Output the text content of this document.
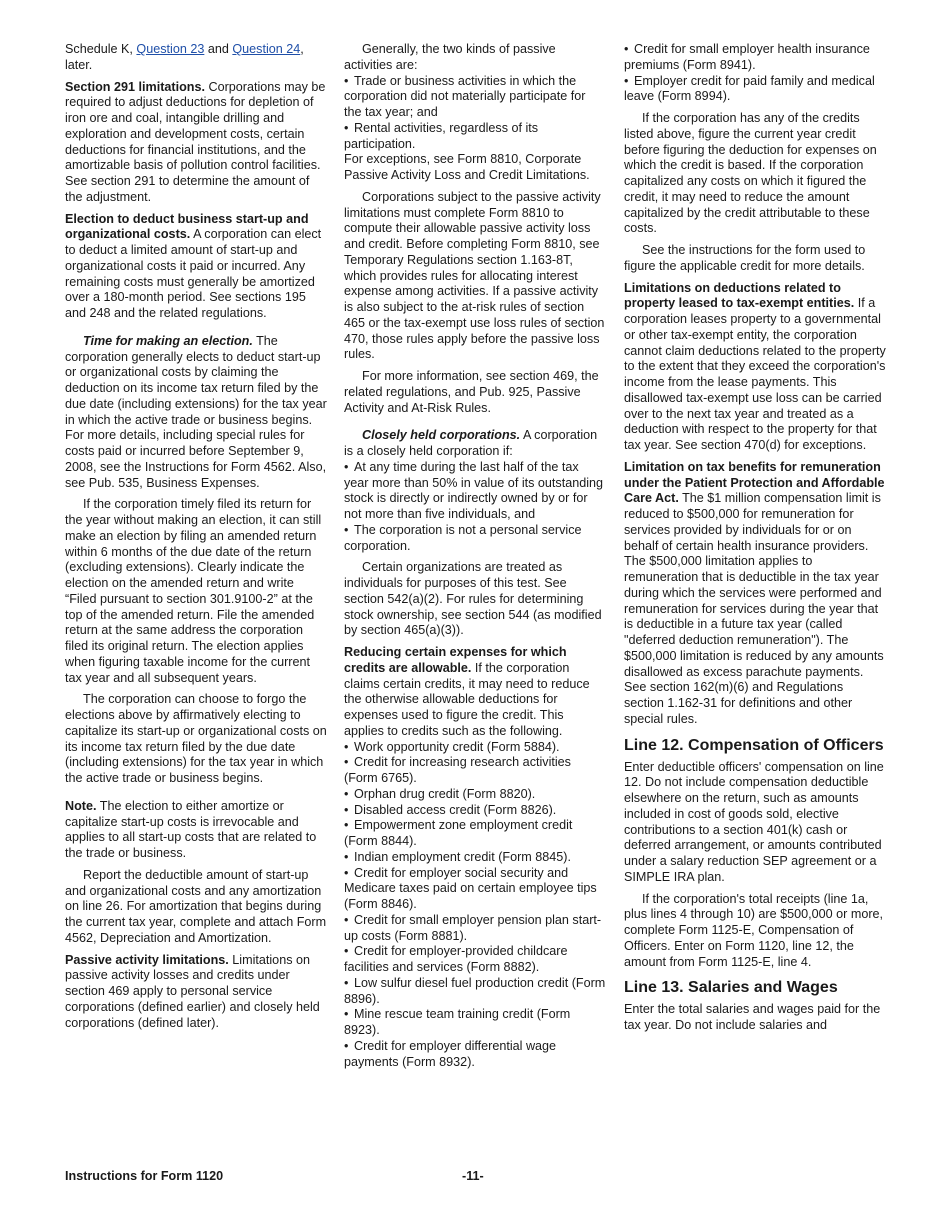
Schedule K, Question 23 and Question 24, later.

Section 291 limitations. Corporations may be required to adjust deductions for depletion of iron ore and coal, intangible drilling and exploration and development costs, certain deductions for financial institutions, and the amortizable basis of pollution control facilities. See section 291 to determine the amount of the adjustment.

Election to deduct business start-up and organizational costs. A corporation can elect to deduct a limited amount of start-up and organizational costs it paid or incurred. Any remaining costs must generally be amortized over a 180-month period. See sections 195 and 248 and the related regulations.

Time for making an election. The corporation generally elects to deduct start-up or organizational costs by claiming the deduction on its income tax return filed by the due date (including extensions) for the tax year in which the active trade or business begins. For more details, including special rules for costs paid or incurred before September 9, 2008, see the Instructions for Form 4562. Also, see Pub. 535, Business Expenses.

If the corporation timely filed its return for the year without making an election, it can still make an election by filing an amended return within 6 months of the due date of the return (excluding extensions). Clearly indicate the election on the amended return and write “Filed pursuant to section 301.9100-2” at the top of the amended return. File the amended return at the same address the corporation filed its original return. The election applies when figuring taxable income for the current tax year and all subsequent years.

The corporation can choose to forgo the elections above by affirmatively electing to capitalize its start-up or organizational costs on its income tax return filed by the due date (including extensions) for the tax year in which the active trade or business begins.

Note. The election to either amortize or capitalize start-up costs is irrevocable and applies to all start-up costs that are related to the trade or business.

Report the deductible amount of start-up and organizational costs and any amortization on line 26. For amortization that begins during the current tax year, complete and attach Form 4562, Depreciation and Amortization.

Passive activity limitations. Limitations on passive activity losses and credits under section 469 apply to personal service corporations (defined earlier) and closely held corporations (defined later).

Generally, the two kinds of passive activities are:

• Trade or business activities in which the corporation did not materially participate for the tax year; and
• Rental activities, regardless of its participation.

For exceptions, see Form 8810, Corporate Passive Activity Loss and Credit Limitations.

Corporations subject to the passive activity limitations must complete Form 8810 to compute their allowable passive activity loss and credit. Before completing Form 8810, see Temporary Regulations section 1.163-8T, which provides rules for allocating interest expense among activities. If a passive activity is also subject to the at-risk rules of section 465 or the tax-exempt use loss rules of section 470, those rules apply before the passive loss rules.

For more information, see section 469, the related regulations, and Pub. 925, Passive Activity and At-Risk Rules.

Closely held corporations. A corporation is a closely held corporation if:

• At any time during the last half of the tax year more than 50% in value of its outstanding stock is directly or indirectly owned by or for not more than five individuals, and
• The corporation is not a personal service corporation.

Certain organizations are treated as individuals for purposes of this test. See section 542(a)(2). For rules for determining stock ownership, see section 544 (as modified by section 465(a)(3)).

Reducing certain expenses for which credits are allowable. If the corporation claims certain credits, it may need to reduce the otherwise allowable deductions for expenses used to figure the credit. This applies to credits such as the following.

• Work opportunity credit (Form 5884).
• Credit for increasing research activities (Form 6765).
• Orphan drug credit (Form 8820).
• Disabled access credit (Form 8826).
• Empowerment zone employment credit (Form 8844).
• Indian employment credit (Form 8845).
• Credit for employer social security and Medicare taxes paid on certain employee tips (Form 8846).
• Credit for small employer pension plan start-up costs (Form 8881).
• Credit for employer-provided childcare facilities and services (Form 8882).
• Low sulfur diesel fuel production credit (Form 8896).
• Mine rescue team training credit (Form 8923).
• Credit for employer differential wage payments (Form 8932).
• Credit for small employer health insurance premiums (Form 8941).
• Employer credit for paid family and medical leave (Form 8994).

If the corporation has any of the credits listed above, figure the current year credit before figuring the deduction for expenses on which the credit is based. If the corporation capitalized any costs on which it figured the credit, it may need to reduce the amount capitalized by the credit attributable to these costs.

See the instructions for the form used to figure the applicable credit for more details.

Limitations on deductions related to property leased to tax-exempt entities. If a corporation leases property to a governmental or other tax-exempt entity, the corporation cannot claim deductions related to the property to the extent that they exceed the corporation's income from the lease payments. This disallowed tax-exempt use loss can be carried over to the next tax year and treated as a deduction with respect to the property for that tax year. See section 470(d) for exceptions.

Limitation on tax benefits for remuneration under the Patient Protection and Affordable Care Act. The $1 million compensation limit is reduced to $500,000 for remuneration for services provided by individuals for or on behalf of certain health insurance providers. The $500,000 limitation applies to remuneration that is deductible in the tax year during which the services were performed and remuneration for services during the year that is deductible in a future tax year (called "deferred deduction remuneration"). The $500,000 limitation is reduced by any amounts disallowed as excess parachute payments. See section 162(m)(6) and Regulations section 1.162-31 for definitions and other special rules.

Line 12. Compensation of Officers

Enter deductible officers' compensation on line 12. Do not include compensation deductible elsewhere on the return, such as amounts included in cost of goods sold, elective contributions to a section 401(k) cash or deferred arrangement, or amounts contributed under a salary reduction SEP agreement or a SIMPLE IRA plan.

If the corporation's total receipts (line 1a, plus lines 4 through 10) are $500,000 or more, complete Form 1125-E, Compensation of Officers. Enter on Form 1120, line 12, the amount from Form 1125-E, line 4.

Line 13. Salaries and Wages

Enter the total salaries and wages paid for the tax year. Do not include salaries and

Instructions for Form 1120	-11-
